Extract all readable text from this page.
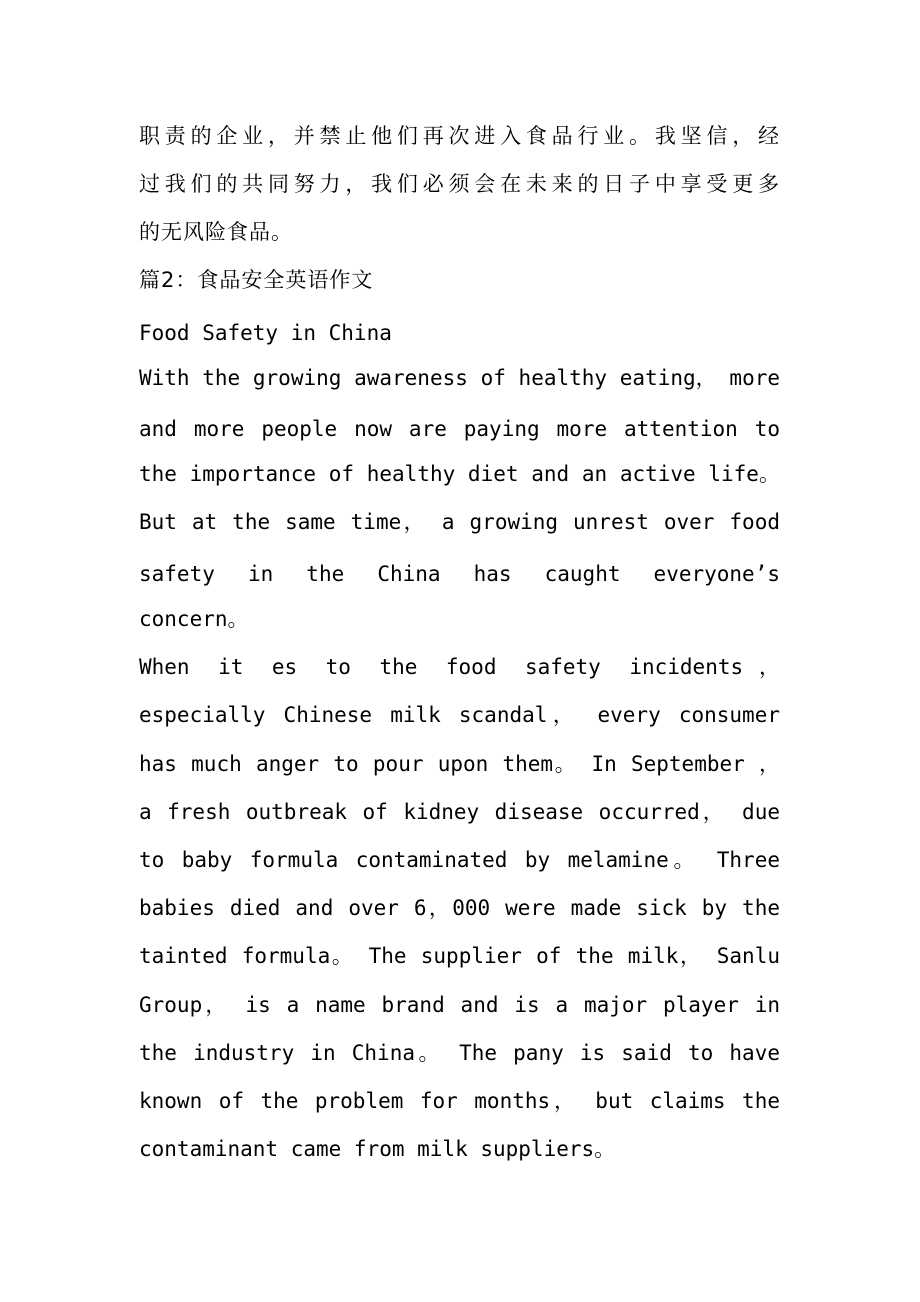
职责的企业，并禁止他们再次进入食品行业。我坚信，经
过我们的共同努力，我们必须会在未来的日子中享受更多
的无风险食品。
篇2：食品安全英语作文
Food Safety in China
With the growing awareness of healthy eating， more
and more people now are paying more attention to
the importance of healthy diet and an active life。
But at the same time， a growing unrest over food
safety in the China has caught everyone’s
concern。
When it es to the food safety incidents，
especially Chinese milk scandal， every consumer
has much anger to pour upon them。 In September ，
a fresh outbreak of kidney disease occurred， due
to baby formula contaminated by melamine。 Three
babies died and over 6，000 were made sick by the
tainted formula。 The supplier of the milk， Sanlu
Group， is a name brand and is a major player in
the industry in China。 The pany is said to have
known of the problem for months， but claims the
contaminant came from milk suppliers。
